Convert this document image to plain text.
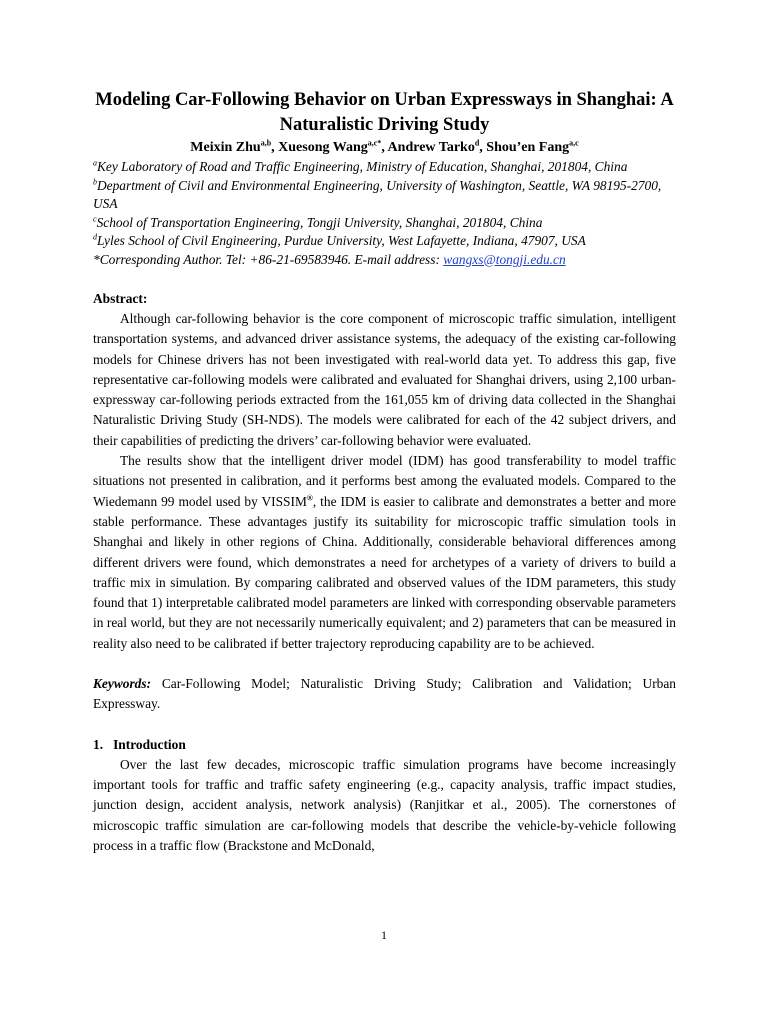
Modeling Car-Following Behavior on Urban Expressways in Shanghai: A Naturalistic Driving Study

Meixin Zhu$^{a,b}$, Xuesong Wang$^{a,c*}$, Andrew Tarko$^d$, Shou’en Fang$^{a,c}$

$^a$Key Laboratory of Road and Traffic Engineering, Ministry of Education, Shanghai, 201804, China

$^b$Department of Civil and Environmental Engineering, University of Washington, Seattle, WA 98195-2700, USA

$^c$School of Transportation Engineering, Tongji University, Shanghai, 201804, China

$^d$Lyles School of Civil Engineering, Purdue University, West Lafayette, Indiana, 47907, USA

*Corresponding Author. Tel: +86-21-69583946. E-mail address: wangxs@tongji.edu.cn

Abstract:

Although car-following behavior is the core component of microscopic traffic simulation, intelligent transportation systems, and advanced driver assistance systems, the adequacy of the existing car-following models for Chinese drivers has not been investigated with real-world data yet. To address this gap, five representative car-following models were calibrated and evaluated for Shanghai drivers, using 2,100 urban-expressway car-following periods extracted from the 161,055 km of driving data collected in the Shanghai Naturalistic Driving Study (SH-NDS). The models were calibrated for each of the 42 subject drivers, and their capabilities of predicting the drivers’ car-following behavior were evaluated.

The results show that the intelligent driver model (IDM) has good transferability to model traffic situations not presented in calibration, and it performs best among the evaluated models. Compared to the Wiedemann 99 model used by VISSIM®, the IDM is easier to calibrate and demonstrates a better and more stable performance. These advantages justify its suitability for microscopic traffic simulation tools in Shanghai and likely in other regions of China. Additionally, considerable behavioral differences among different drivers were found, which demonstrates a need for archetypes of a variety of drivers to build a traffic mix in simulation. By comparing calibrated and observed values of the IDM parameters, this study found that 1) interpretable calibrated model parameters are linked with corresponding observable parameters in real world, but they are not necessarily numerically equivalent; and 2) parameters that can be measured in reality also need to be calibrated if better trajectory reproducing capability are to be achieved.

Keywords: Car-Following Model; Naturalistic Driving Study; Calibration and Validation; Urban Expressway.

1.   Introduction

Over the last few decades, microscopic traffic simulation programs have become increasingly important tools for traffic and traffic safety engineering (e.g., capacity analysis, traffic impact studies, junction design, accident analysis, network analysis) (Ranjitkar et al., 2005). The cornerstones of microscopic traffic simulation are car-following models that describe the vehicle-by-vehicle following process in a traffic flow (Brackstone and McDonald,

1
